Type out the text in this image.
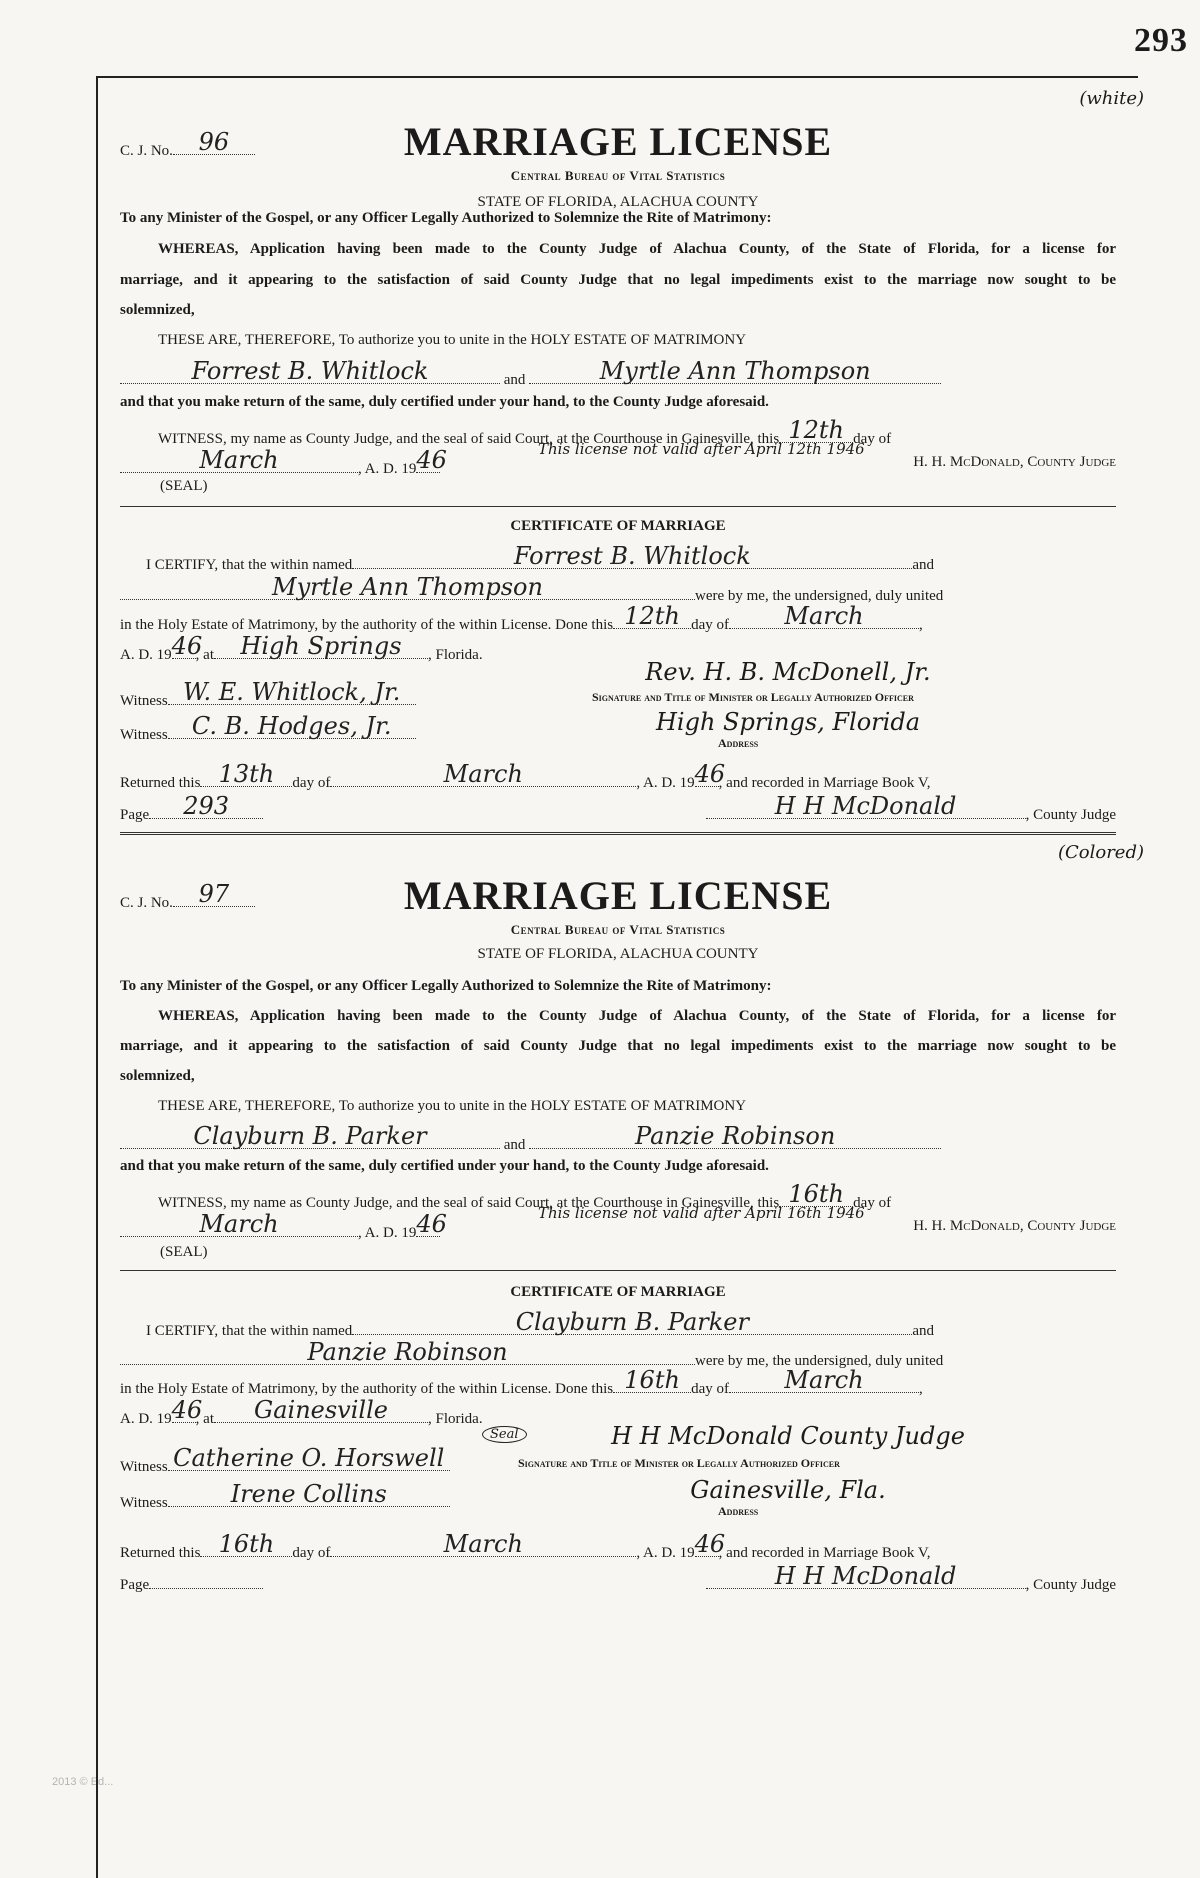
293
2013 © Ed...
(white)
C. J. No.	96	MARRIAGE LICENSE
Central Bureau of Vital Statistics
STATE OF FLORIDA, ALACHUA COUNTY
To any Minister of the Gospel, or any Officer Legally Authorized to Solemnize the Rite of Matrimony:
WHEREAS, Application having been made to the County Judge of Alachua County, of the State of Florida, for a license for
marriage, and it appearing to the satisfaction of said County Judge that no legal impediments exist to the marriage now sought to be
solemnized,
THESE ARE, THEREFORE, To authorize you to unite in the HOLY ESTATE OF MATRIMONY
Forrest B. Whitlock	and	Myrtle Ann Thompson
and that you make return of the same, duly certified under your hand, to the County Judge aforesaid.
WITNESS, my name as County Judge, and the seal of said Court, at the Courthouse in Gainesville, this 12th day of
March	, A. D. 19 46	H. H. McDonald, County Judge
This license not valid after April 12th 1946
(SEAL)
CERTIFICATE OF MARRIAGE
I CERTIFY, that the within named	Forrest B. Whitlock	and
Myrtle Ann Thompson	were by me, the undersigned, duly united
in the Holy Estate of Matrimony, by the authority of the within License. Done this 12th day of	March	,
A. D. 19 46
, at	High Springs	, Florida.
Witness W. E. Whitlock, Jr.
Rev. H. B. McDonell, Jr.
Signature and Title of Minister or Legally Authorized Officer
Witness	C. B. Hodges, Jr.	High Springs, Florida
Address
Returned this 13th	day of	March	, A. D. 19 46
, and recorded in Marriage Book V,
Page	293	H H McDonald	, County Judge
(Colored)
C. J. No.	97	MARRIAGE LICENSE
Central Bureau of Vital Statistics
STATE OF FLORIDA, ALACHUA COUNTY
To any Minister of the Gospel, or any Officer Legally Authorized to Solemnize the Rite of Matrimony:
WHEREAS, Application having been made to the County Judge of Alachua County, of the State of Florida, for a license for
marriage, and it appearing to the satisfaction of said County Judge that no legal impediments exist to the marriage now sought to be
solemnized,
THESE ARE, THEREFORE, To authorize you to unite in the HOLY ESTATE OF MATRIMONY
Clayburn B. Parker	and	Panzie Robinson
and that you make return of the same, duly certified under your hand, to the County Judge aforesaid.
WITNESS, my name as County Judge, and the seal of said Court, at the Courthouse in Gainesville, this 16th day of
March	, A. D. 19 46	H. H. McDonald, County Judge
This license not valid after April 16th 1946
(SEAL)
CERTIFICATE OF MARRIAGE
I CERTIFY, that the within named	Clayburn B. Parker	and
Panzie Robinson	were by me, the undersigned, duly united
in the Holy Estate of Matrimony, by the authority of the within License. Done this 16th day of	March	,
A. D. 19 46
, at	Gainesville	, Florida.
Witness Catherine O. Horswell
Seal	H H McDonald County Judge
Signature and Title of Minister or Legally Authorized Officer
Witness	Irene Collins	Gainesville, Fla.
Address
Returned this 16th	day of	March	, A. D. 19 46
, and recorded in Marriage Book V,
Page	H H McDonald	, County Judge
